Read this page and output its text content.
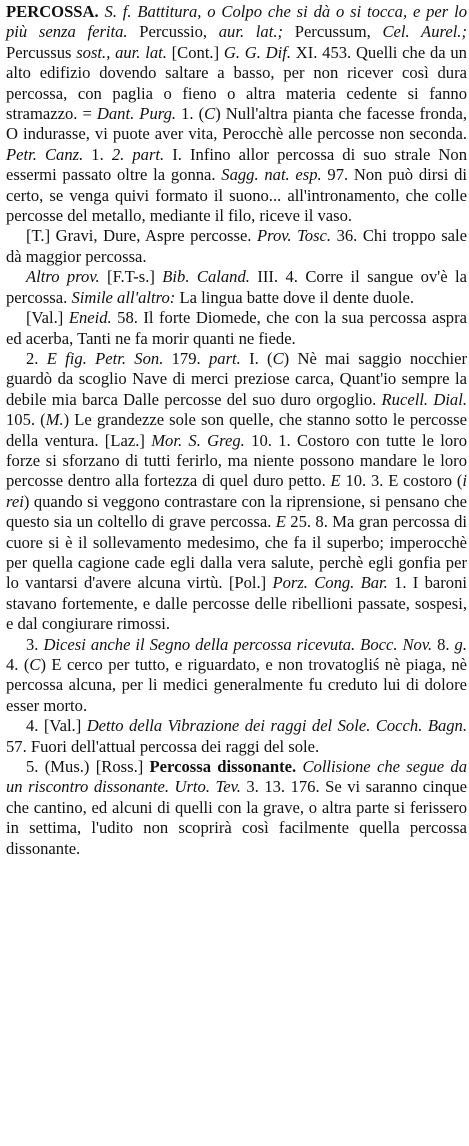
PERCOSSA. S. f. Battitura, o Colpo che si dà o si tocca, e per lo più senza ferita. Percussio, aur. lat.; Percussum, Cel. Aurel.; Percussus sost., aur. lat. [Cont.] G. G. Dif. XI. 453. Quelli che da un alto edifizio dovendo saltare a basso, per non ricever così dura percossa, con paglia o fieno o altra materia cedente si fanno stramazzo. = Dant. Purg. 1. (C) Null'altra pianta che facesse fronda, O indurasse, vi puote aver vita, Perocchè alle percosse non seconda. Petr. Canz. 1. 2. part. I. Infino allor percossa di suo strale Non essermi passato oltre la gonna. Sagg. nat. esp. 97. Non può dirsi di certo, se venga quivi formato il suono... all'intronamento, che colle percosse del metallo, mediante il filo, riceve il vaso.

[T.] Gravi, Dure, Aspre percosse. Prov. Tosc. 36. Chi troppo sale dà maggior percossa.

Altro prov. [F.T-s.] Bib. Caland. III. 4. Corre il sangue ov'è la percossa. Simile all'altro: La lingua batte dove il dente duole.

[Val.] Eneid. 58. Il forte Diomede, che con la sua percossa aspra ed acerba, Tanti ne fa morir quanti ne fiede.

2. E fig. Petr. Son. 179. part. I. (C) Nè mai saggio nocchier guardò da scoglio Nave di merci preziose carca, Quant'io sempre la debile mia barca Dalle percosse del suo duro orgoglio. Rucell. Dial. 105. (M.) Le grandezze sole son quelle, che stanno sotto le percosse della ventura. [Laz.] Mor. S. Greg. 10. 1. Costoro con tutte le loro forze si sforzano di tutti ferirlo, ma niente possono mandare le loro percosse dentro alla fortezza di quel duro petto. E 10. 3. E costoro (i rei) quando si veggono contrastare con la riprensione, si pensano che questo sia un coltello di grave percossa. E 25. 8. Ma gran percossa di cuore si è il sollevamento medesimo, che fa il superbo; imperocchè per quella cagione cade egli dalla vera salute, perchè egli gonfia per lo vantarsi d'avere alcuna virtù. [Pol.] Porz. Cong. Bar. 1. I baroni stavano fortemente, e dalle percosse delle ribellioni passate, sospesi, e dal congiurare rimossi.

3. Dicesi anche il Segno della percossa ricevuta. Bocc. Nov. 8. g. 4. (C) E cerco per tutto, e riguardato, e non trovatogliś nè piaga, nè percossa alcuna, per li medici generalmente fu creduto lui di dolore esser morto.

4. [Val.] Detto della Vibrazione dei raggi del Sole. Cocch. Bagn. 57. Fuori dell'attual percossa dei raggi del sole.

5. (Mus.) [Ross.] Percossa dissonante. Collisione che segue da un riscontro dissonante. Urto. Tev. 3. 13. 176. Se vi saranno cinque che cantino, ed alcuni di quelli con la grave, o altra parte si ferissero in settima, l'udito non scoprirà così facilmente quella percossa dissonante.
